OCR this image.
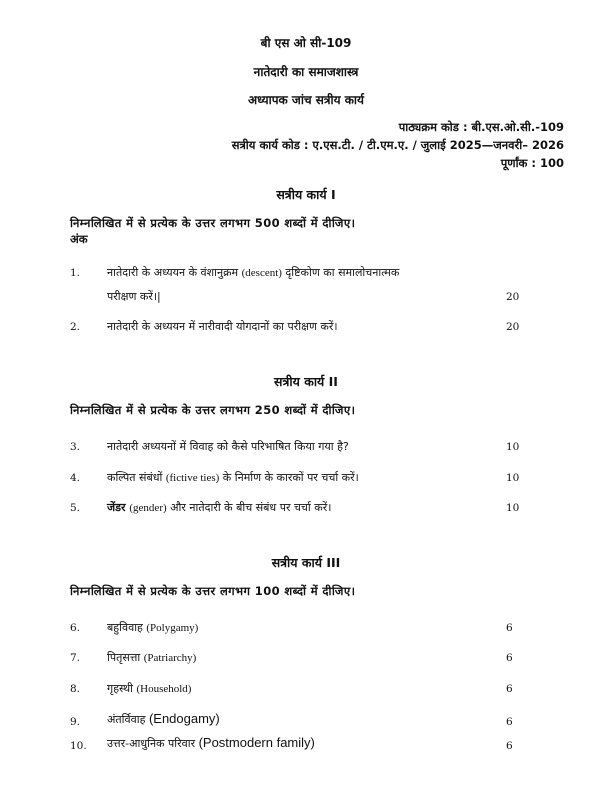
बी एस ओ सी-109
नातेदारी का समाजशास्त्र
अध्यापक जांच सत्रीय कार्य
पाठ्यक्रम कोड : बी.एस.ओ.सी.-109
सत्रीय कार्य कोड : ए.एस.टी. / टी.एम.ए. / जुलाई 2025—जनवरी– 2026
पूर्णांक : 100
सत्रीय कार्य I
निम्नलिखित में से प्रत्येक के उत्तर लगभग 500 शब्दों में दीजिए।
अंक
1. नातेदारी के अध्ययन के वंशानुक्रम (descent) दृष्टिकोण का समालोचनात्मक
परीक्षण करें।|	20
2. नातेदारी के अध्ययन में नारीवादी योगदानों का परीक्षण करें।	20
सत्रीय कार्य II
निम्नलिखित में से प्रत्येक के उत्तर लगभग 250 शब्दों में दीजिए।
3. नातेदारी अध्ययनों में विवाह को कैसे परिभाषित किया गया है?	10
4. कल्पित संबंधों (fictive ties) के निर्माण के कारकों पर चर्चा करें।	10
5. जेंडर (gender) और नातेदारी के बीच संबंध पर चर्चा करें।	10
सत्रीय कार्य III
निम्नलिखित में से प्रत्येक के उत्तर लगभग 100 शब्दों में दीजिए।
6. बहुविवाह (Polygamy)	6
7. पितृसत्ता (Patriarchy)	6
8. गृहस्थी (Household)	6
9. अंतर्विवाह (Endogamy)	6
10. उत्तर-आधुनिक परिवार (Postmodern family)	6
